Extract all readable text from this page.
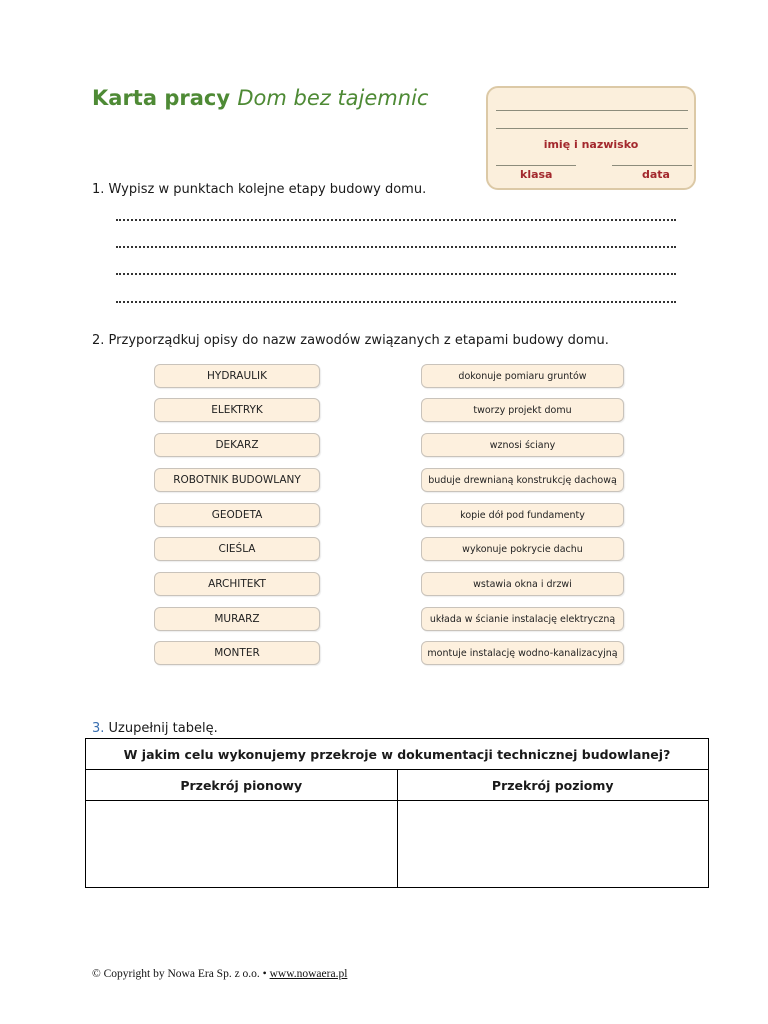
Karta pracy Dom bez tajemnic
imię i nazwisko
klasa	data
1. Wypisz w punktach kolejne etapy budowy domu.
2. Przyporządkuj opisy do nazw zawodów związanych z etapami budowy domu.
HYDRAULIK
ELEKTRYK
DEKARZ
ROBOTNIK BUDOWLANY
GEODETA
CIEŚLA
ARCHITEKT
MURARZ
MONTER
dokonuje pomiaru gruntów
tworzy projekt domu
wznosi ściany
buduje drewnianą konstrukcję dachową
kopie dół pod fundamenty
wykonuje pokrycie dachu
wstawia okna i drzwi
układa w ścianie instalację elektryczną
montuje instalację wodno-kanalizacyjną
3. Uzupełnij tabelę.
W jakim celu wykonujemy przekroje w dokumentacji technicznej budowlanej?	
Przekrój pionowy	Przekrój poziomy

© Copyright by Nowa Era Sp. z o.o. • www.nowaera.pl
